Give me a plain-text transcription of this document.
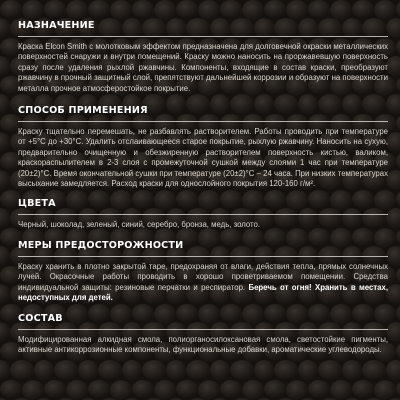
НАЗНАЧЕНИЕ

Краска Elcon Smith с молотковым эффектом предназначена для долговечной окраски металлических поверхностей снаружи и внутри помещений. Краску можно наносить на проржавевшую поверхность сразу после удаления рыхлой ржавчины. Компоненты, входящие в состав краски, преобразуют ржавчину в прочный защитный слой, препятствуют дальнейшей коррозии и образуют на поверхности металла прочное атмосферостойкое покрытие.

СПОСОБ ПРИМЕНЕНИЯ

Краску тщательно перемешать, не разбавлять растворителем. Работы проводить при температуре от +5°С до +30°С. Удалить отслаивающееся старое покрытие, рыхлую ржавчину. Наносить на сухую, предварительно очищенную и обезжиренную растворителем поверхность кистью, валиком, краскораспылителем в 2-3 слоя с промежуточной сушкой между слоями 1 час при температуре (20±2)°С. Время окончательной сушки при температуре (20±2)°С – 24 часа. При низких температурах высыхание замедляется. Расход краски для однослойного покрытия 120-160 г/м².

ЦВЕТА

Черный, шоколад, зеленый, синий, серебро, бронза, медь, золото.

МЕРЫ ПРЕДОСТОРОЖНОСТИ

Краску хранить в плотно закрытой таре, предохраняя от влаги, действия тепла, прямых солнечных лучей. Окрасочные работы проводить в хорошо проветриваемом помещении. Средства индивидуальной защиты: резиновые перчатки и респиратор. Беречь от огня! Хранить в местах, недоступных для детей.

СОСТАВ

Модифицированная алкидная смола, полиорганосилоксановая смола, светостойкие пигменты, активные антикоррозионные компоненты, функциональные добавки, ароматические углеводороды.
